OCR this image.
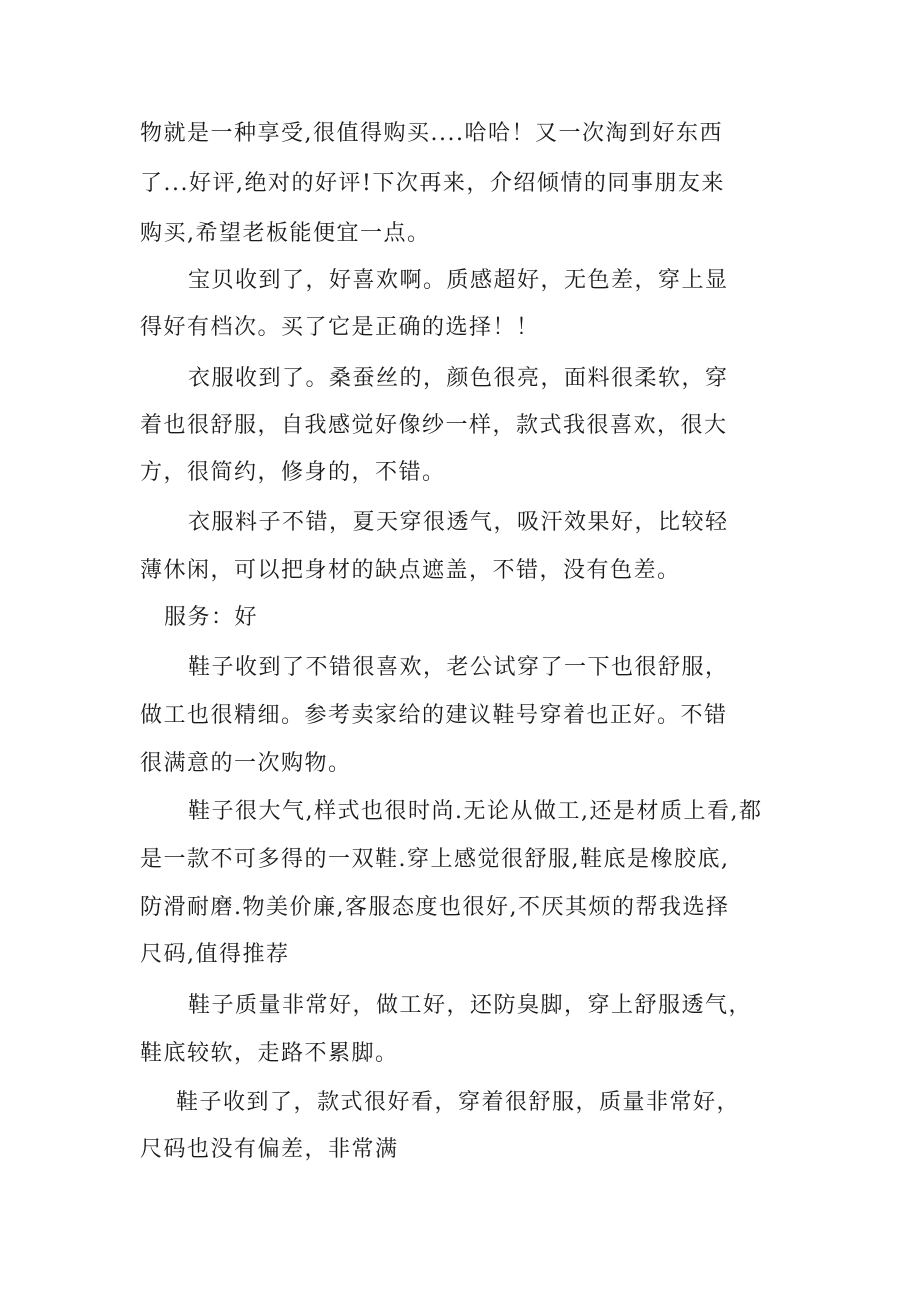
物就是一种享受,很值得购买....哈哈！又一次淘到好东西
了...好评,绝对的好评!下次再来，介绍倾情的同事朋友来
购买,希望老板能便宜一点。
宝贝收到了，好喜欢啊。质感超好，无色差，穿上显
得好有档次。买了它是正确的选择！！
衣服收到了。桑蚕丝的，颜色很亮，面料很柔软，穿
着也很舒服，自我感觉好像纱一样，款式我很喜欢，很大
方，很简约，修身的，不错。
衣服料子不错，夏天穿很透气，吸汗效果好，比较轻
薄休闲，可以把身材的缺点遮盖，不错，没有色差。
服务：好
鞋子收到了不错很喜欢，老公试穿了一下也很舒服，
做工也很精细。参考卖家给的建议鞋号穿着也正好。不错
很满意的一次购物。
鞋子很大气,样式也很时尚.无论从做工,还是材质上看,都
是一款不可多得的一双鞋.穿上感觉很舒服,鞋底是橡胶底,
防滑耐磨.物美价廉,客服态度也很好,不厌其烦的帮我选择
尺码,值得推荐
鞋子质量非常好，做工好，还防臭脚，穿上舒服透气，
鞋底较软，走路不累脚。
鞋子收到了，款式很好看，穿着很舒服，质量非常好，
尺码也没有偏差，非常满
